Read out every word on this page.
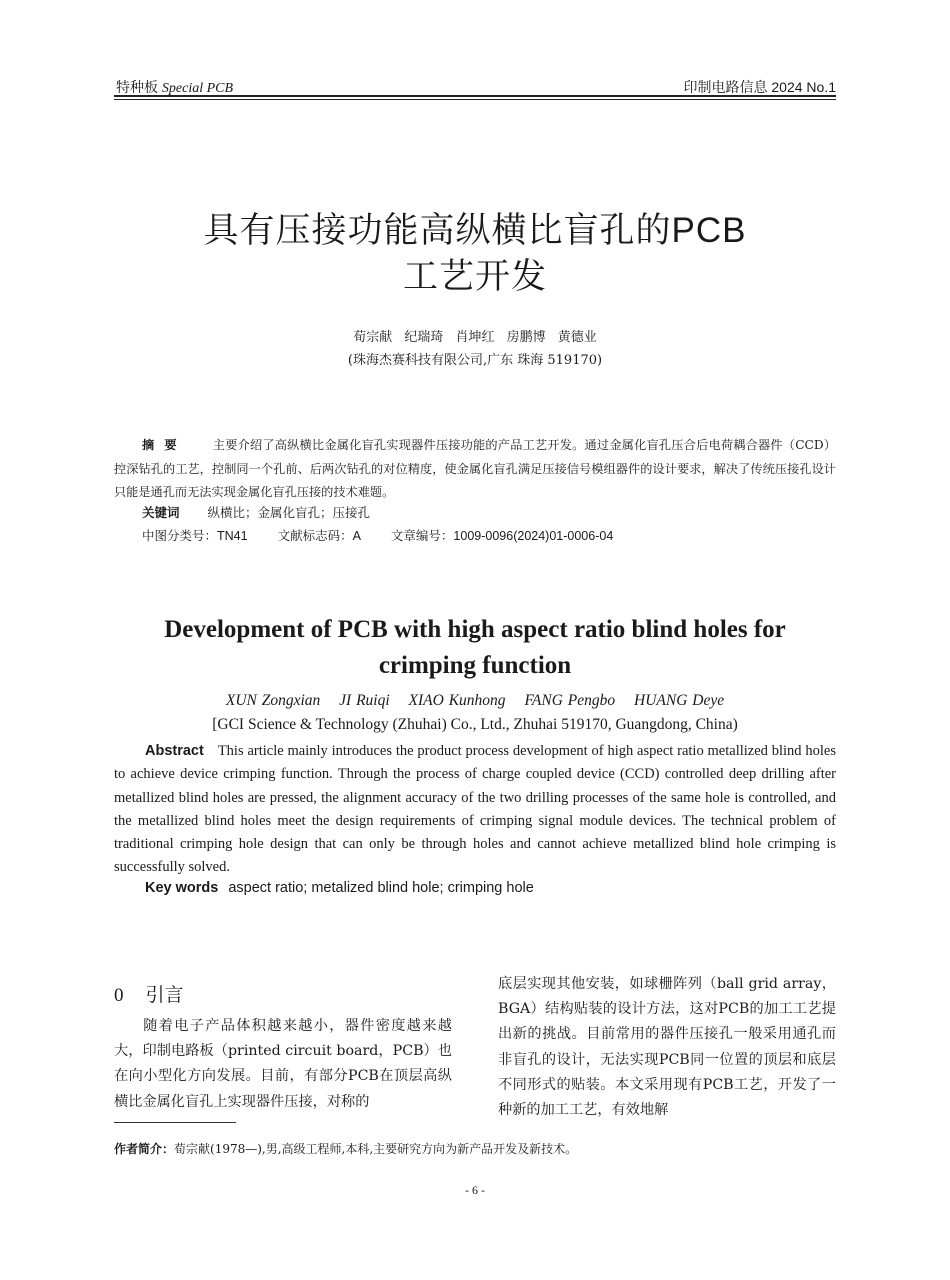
特种板 Special PCB	印制电路信息 2024 No.1
具有压接功能高纵横比盲孔的PCB
工艺开发
荀宗献 纪瑞琦 肖坤红 房鹏博 黄德业
(珠海杰赛科技有限公司,广东 珠海 519170)
摘要 主要介绍了高纵横比金属化盲孔实现器件压接功能的产品工艺开发。通过金属化盲孔压合后电荷耦合器件（CCD）控深钻孔的工艺，控制同一个孔前、后两次钻孔的对位精度，使金属化盲孔满足压接信号模组器件的设计要求，解决了传统压接孔设计只能是通孔而无法实现金属化盲孔压接的技术难题。
关键词 纵横比；金属化盲孔；压接孔
中图分类号：TN41 文献标志码：A 文章编号：1009-0096(2024)01-0006-04
Development of PCB with high aspect ratio blind holes for
crimping function
XUN Zongxian JI Ruiqi XIAO Kunhong FANG Pengbo HUANG Deye
[GCI Science & Technology (Zhuhai) Co., Ltd., Zhuhai 519170, Guangdong, China)
Abstract This article mainly introduces the product process development of high aspect ratio metallized blind holes to achieve device crimping function. Through the process of charge coupled device (CCD) controlled deep drilling after metallized blind holes are pressed, the alignment accuracy of the two drilling processes of the same hole is controlled, and the metallized blind holes meet the design requirements of crimping signal module devices. The technical problem of traditional crimping hole design that can only be through holes and cannot achieve metallized blind hole crimping is successfully solved.
Key words aspect ratio; metalized blind hole; crimping hole
0 引言
随着电子产品体积越来越小，器件密度越来越大，印制电路板（printed circuit board，PCB）也在向小型化方向发展。目前，有部分PCB在顶层高纵横比金属化盲孔上实现器件压接，对称的
底层实现其他安装，如球栅阵列（ball grid array，BGA）结构贴装的设计方法，这对PCB的加工工艺提出新的挑战。目前常用的器件压接孔一般采用通孔而非盲孔的设计，无法实现PCB同一位置的顶层和底层不同形式的贴装。本文采用现有PCB工艺，开发了一种新的加工工艺，有效地解
作者简介：荀宗献(1978—),男,高级工程师,本科,主要研究方向为新产品开发及新技术。
- 6 -
